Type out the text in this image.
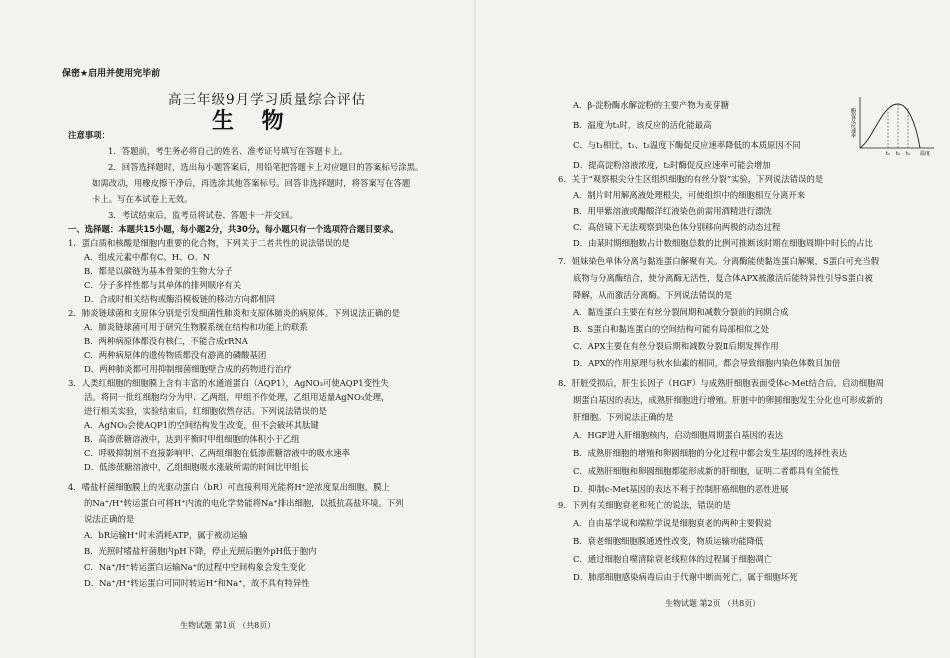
保密★启用并使用完毕前
高三年级9月学习质量综合评估
生 物
注意事项：
1．答题前，考生务必将自己的姓名、准考证号填写在答题卡上。
2．回答选择题时，选出每小题答案后，用铅笔把答题卡上对应题目的答案标号涂黑。
如需改动，用橡皮擦干净后，再选涂其他答案标号。回答非选择题时，将答案写在答题
卡上。写在本试卷上无效。
3．考试结束后，监考员将试卷、答题卡一并交回。
一、选择题：本题共15小题，每小题2分，共30分。每小题只有一个选项符合题目要求。
1．蛋白质和核酸是细胞内重要的化合物，下列关于二者共性的说法错误的是
A．组成元素中都有C、H、O、N
B．都是以碳链为基本骨架的生物大分子
C．分子多样性都与其单体的排列顺序有关
D．合成时相关结构或酶沿模板链的移动方向都相同
2．肺炎链球菌和支原体分别是引发细菌性肺炎和支原体肺炎的病原体。下列说法正确的是
A．肺炎链球菌可用于研究生物膜系统在结构和功能上的联系
B．两种病原体都没有核仁，不能合成rRNA
C．两种病原体的遗传物质都没有游离的磷酸基团
D．两种肺炎都可用抑制细菌细胞壁合成的药物进行治疗
3．人类红细胞的细胞膜上含有丰富的水通道蛋白（AQP1），AgNO₃可使AQP1变性失
活。将同一批红细胞均分为甲、乙两组，甲组不作处理，乙组用适量AgNO₃处理，
进行相关实验，实验结束后，红细胞依然存活。下列说法错误的是
A．AgNO₃会使AQP1的空间结构发生改变，但不会破坏其肽键
B．高渗蔗糖溶液中，达到平衡时甲组细胞的体积小于乙组
C．呼吸抑制剂不直接影响甲、乙两组细胞在低渗蔗糖溶液中的吸水速率
D．低渗蔗糖溶液中，乙组细胞吸水涨破所需的时间比甲组长
4．嗜盐杆菌细胞膜上的光驱动蛋白（bR）可直接利用光能将H⁺逆浓度泵出细胞，膜上
的Na⁺/H⁺转运蛋白可将H⁺内流的电化学势能将Na⁺排出细胞，以抵抗高盐环境。下列
说法正确的是
A．bR运输H⁺时未消耗ATP，属于被动运输
B．光照时嗜盐杆菌胞内pH下降，停止光照后胞外pH低于胞内
C．Na⁺/H⁺转运蛋白运输Na⁺的过程中空间构象会发生变化
D．Na⁺/H⁺转运蛋白可同时转运H⁺和Na⁺，故不具有特异性
生物试题 第1页 （共8页）
A．β-淀粉酶水解淀粉的主要产物为麦芽糖
B．温度为t₃时，该反应的活化能最高
C．与t₁相比，t₁、t₂温度下酶促反应速率降低的本质原因不同
D．提高淀粉溶液浓度，t₂时酶促反应速率可能会增加
酶促反应速率
t₁ t₂ t₃ 温度
6．关于“观察根尖分生区组织细胞的有丝分裂”实验，下列说法错误的是
A．制片时用解离液处理根尖，可使组织中的细胞相互分离开来
B．用甲紫溶液或醋酸洋红液染色前需用酒精进行漂洗
C．高倍镜下无法观察到染色体分别移向两极的动态过程
D．由某时期细胞数占计数细胞总数的比例可推断该时期在细胞周期中时长的占比
7．姐妹染色单体分离与黏连蛋白解聚有关。分离酶能使黏连蛋白解聚，S蛋白可充当假
底物与分离酶结合，使分离酶无活性，复合体APX被激活后能特异性引导S蛋白被
降解，从而激活分离酶。下列说法错误的是
A．黏连蛋白主要在有丝分裂间期和减数分裂前的间期合成
B．S蛋白和黏连蛋白的空间结构可能有局部相似之处
C．APX主要在有丝分裂后期和减数分裂Ⅱ后期发挥作用
D．APX的作用原理与秋水仙素的相同，都会导致细胞内染色体数目加倍
8．肝脏受损后，肝生长因子（HGF）与成熟肝细胞表面受体c-Met结合后，启动细胞周
期蛋白基因的表达，成熟肝细胞进行增殖。肝脏中的卵圆细胞发生分化也可形成新的
肝细胞。下列说法正确的是
A．HGF进入肝细胞核内，启动细胞周期蛋白基因的表达
B．成熟肝细胞的增殖和卵圆细胞的分化过程中都会发生基因的选择性表达
C．成熟肝细胞和卵圆细胞都能形成新的肝细胞，证明二者都具有全能性
D．抑制c-Met基因的表达不利于控制肝癌细胞的恶性进展
9．下列有关细胞衰老和死亡的说法，错误的是
A．自由基学说和端粒学说是细胞衰老的两种主要假说
B．衰老细胞细胞膜通透性改变，物质运输功能降低
C．通过细胞自噬清除衰老线粒体的过程属于细胞凋亡
D．肺部细胞感染病毒后由于代谢中断而死亡，属于细胞坏死
生物试题 第2页 （共8页）
